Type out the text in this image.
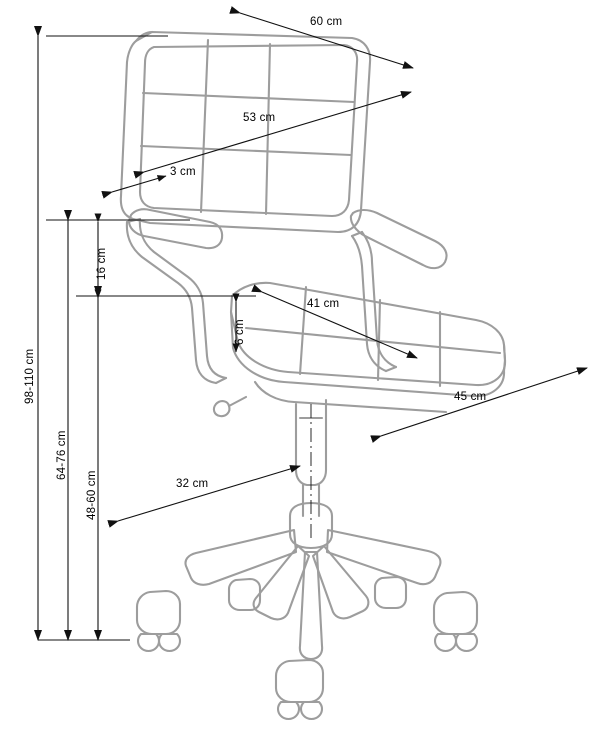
60 cm
53 cm
3 cm
41 cm
45 cm
6 cm
16 cm
32 cm
98-110 cm
64-76 cm
48-60 cm
